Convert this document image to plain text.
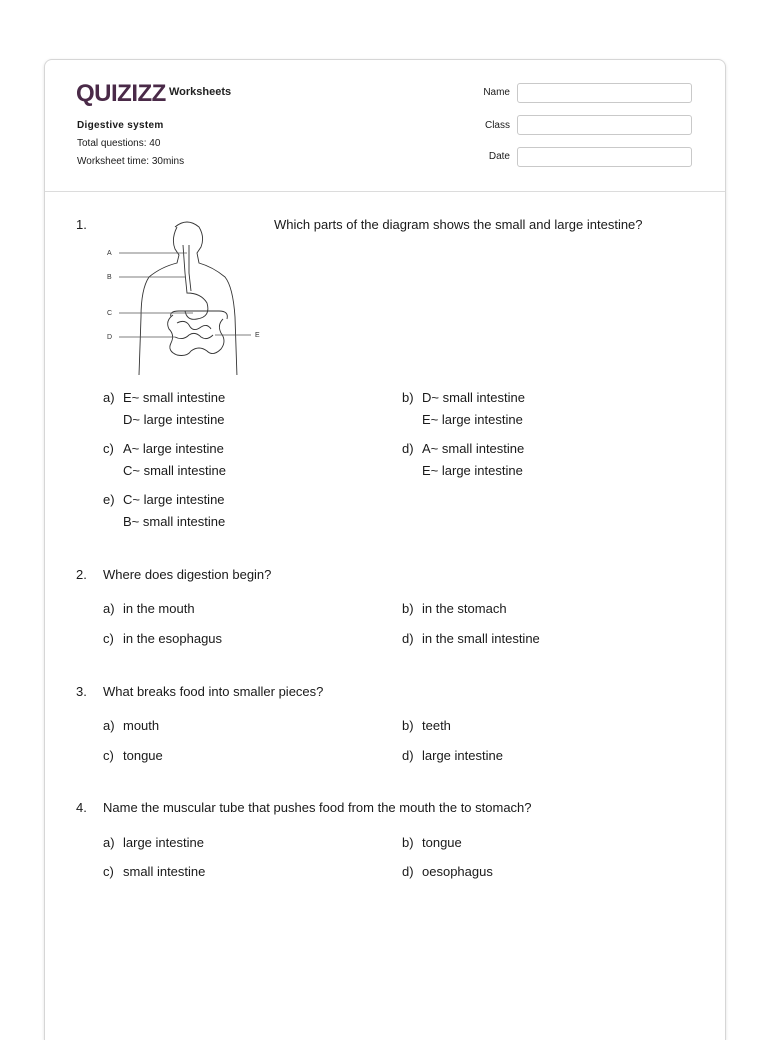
QUIZIZZ Worksheets
Digestive system
Total questions: 40
Worksheet time: 30mins
Name
Class
Date
1.	Which parts of the diagram shows the small and large intestine?
A
B
C
D	E
a) E~ small intestine
D~ large intestine
b) D~ small intestine
E~ large intestine
c) A~ large intestine
C~ small intestine
d) A~ small intestine
E~ large intestine
e) C~ large intestine
B~ small intestine
2. Where does digestion begin?
a) in the mouth	b) in the stomach
c) in the esophagus	d) in the small intestine
3. What breaks food into smaller pieces?
a) mouth	b) teeth
c) tongue	d) large intestine
4. Name the muscular tube that pushes food from the mouth the to stomach?
a) large intestine	b) tongue
c) small intestine	d) oesophagus
